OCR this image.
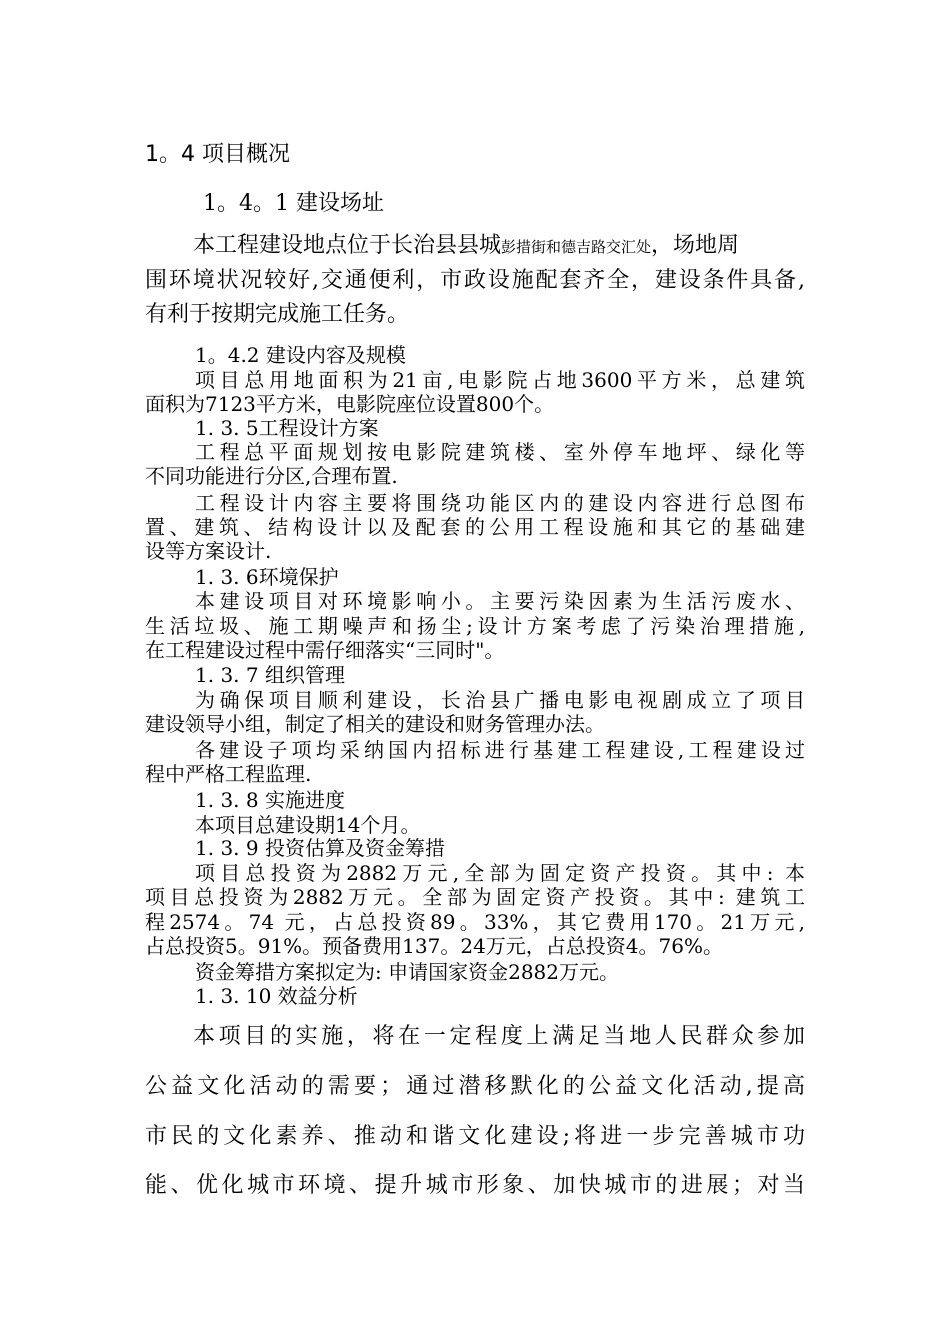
1。4 项目概况
1。4。1 建设场址
本工程建设地点位于长治县县城彭措街和德吉路交汇处，场地周
围环境状况较好,交通便利，市政设施配套齐全，建设条件具备,
有利于按期完成施工任务。
1。4.2 建设内容及规模
项目总用地面积为21亩,电影院占地3600平方米，总建筑
面积为7123平方米，电影院座位设置800个。
1. 3. 5工程设计方案
工程总平面规划按电影院建筑楼、室外停车地坪、绿化等
不同功能进行分区,合理布置.
工程设计内容主要将围绕功能区内的建设内容进行总图布
置、建筑、结构设计以及配套的公用工程设施和其它的基础建
设等方案设计.
1. 3. 6环境保护
本建设项目对环境影响小。主要污染因素为生活污废水、
生活垃圾、施工期噪声和扬尘;设计方案考虑了污染治理措施,
在工程建设过程中需仔细落实“三同时"。
1. 3. 7 组织管理
为确保项目顺利建设，长治县广播电影电视剧成立了项目
建设领导小组，制定了相关的建设和财务管理办法。
各建设子项均采纳国内招标进行基建工程建设,工程建设过
程中严格工程监理.
1. 3. 8 实施进度
本项目总建设期14个月。
1. 3. 9 投资估算及资金筹措
项目总投资为2882万元,全部为固定资产投资。其中: 本
项目总投资为2882万元。全部为固定资产投资。其中: 建筑工
程2574。74 元，占总投资89。33%，其它费用170。21万元,
占总投资5。91%。预备费用137。24万元，占总投资4。76%。
资金筹措方案拟定为: 申请国家资金2882万元。
1. 3. 10 效益分析
本项目的实施，将在一定程度上满足当地人民群众参加
公益文化活动的需要；通过潜移默化的公益文化活动,提高
市民的文化素养、推动和谐文化建设;将进一步完善城市功
能、优化城市环境、提升城市形象、加快城市的进展；对当
